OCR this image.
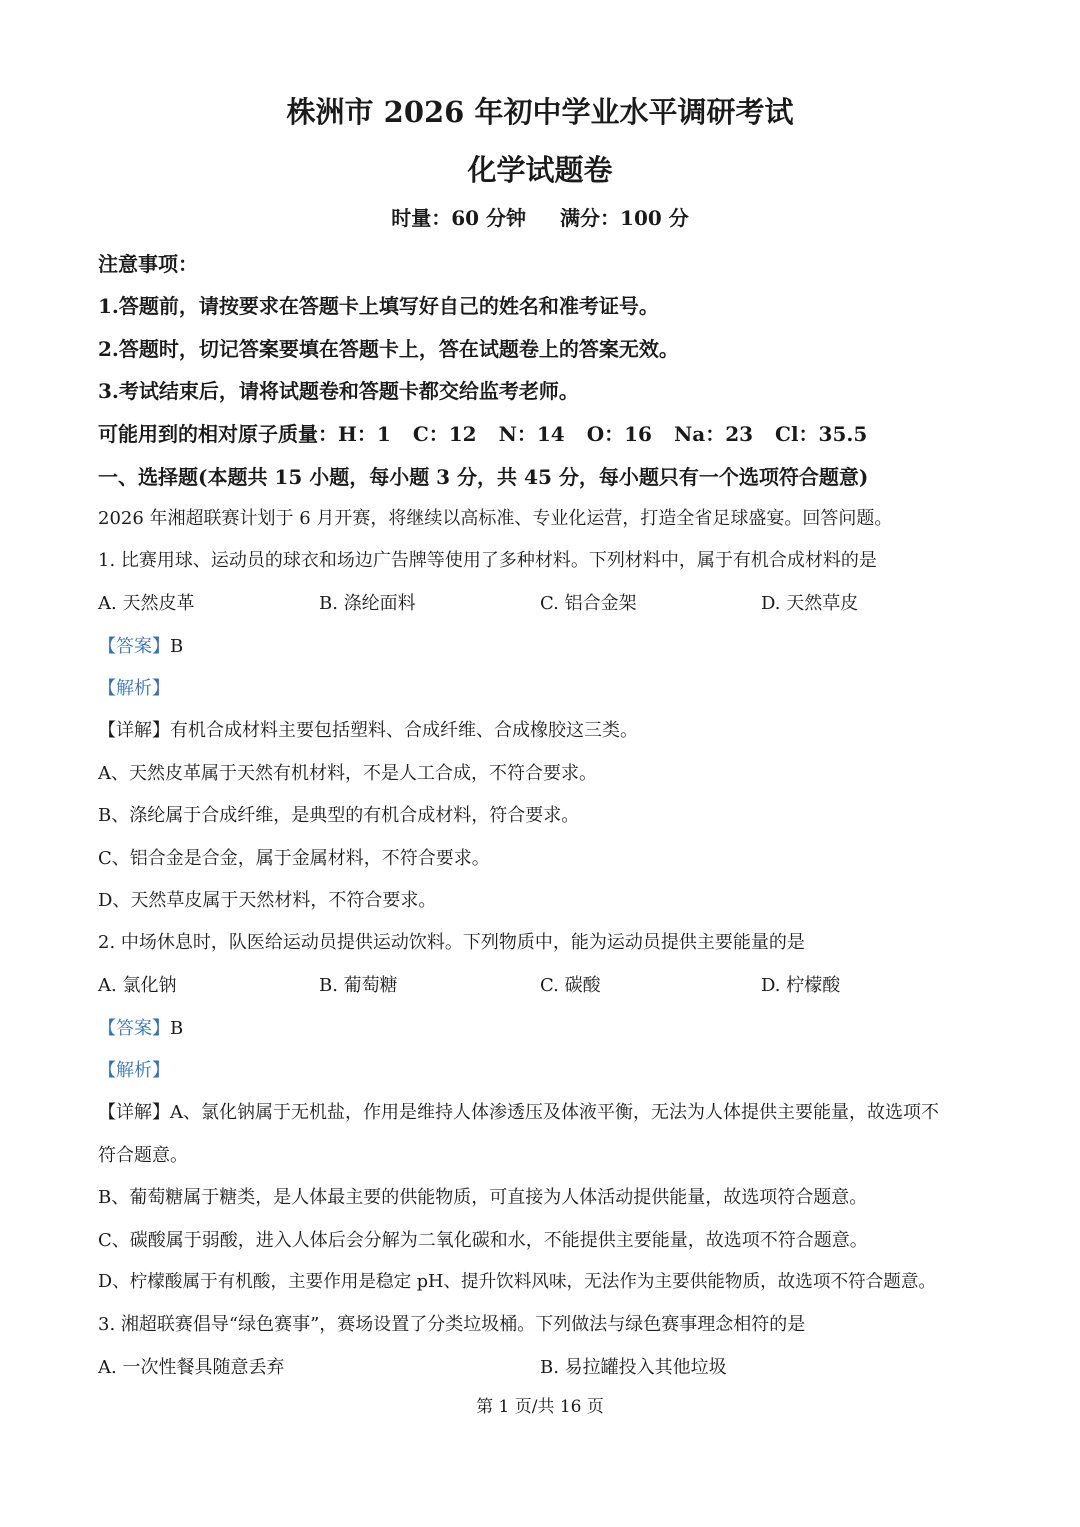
株洲市 2026 年初中学业水平调研考试
化学试题卷
时量：60 分钟 满分：100 分
注意事项：
1.答题前，请按要求在答题卡上填写好自己的姓名和准考证号。
2.答题时，切记答案要填在答题卡上，答在试题卷上的答案无效。
3.考试结束后，请将试题卷和答题卡都交给监考老师。
可能用到的相对原子质量：H：1 C：12 N：14 O：16 Na：23 Cl：35.5
一、选择题(本题共 15 小题，每小题 3 分，共 45 分，每小题只有一个选项符合题意)
2026 年湘超联赛计划于 6 月开赛，将继续以高标准、专业化运营，打造全省足球盛宴。回答问题。
1. 比赛用球、运动员的球衣和场边广告牌等使用了多种材料。下列材料中，属于有机合成材料的是
A. 天然皮革	B. 涤纶面料	C. 铝合金架	D. 天然草皮
【答案】B
【解析】
【详解】有机合成材料主要包括塑料、合成纤维、合成橡胶这三类。
A、天然皮革属于天然有机材料，不是人工合成，不符合要求。
B、涤纶属于合成纤维，是典型的有机合成材料，符合要求。
C、铝合金是合金，属于金属材料，不符合要求。
D、天然草皮属于天然材料，不符合要求。
2. 中场休息时，队医给运动员提供运动饮料。下列物质中，能为运动员提供主要能量的是
A. 氯化钠	B. 葡萄糖	C. 碳酸	D. 柠檬酸
【答案】B
【解析】
【详解】A、氯化钠属于无机盐，作用是维持人体渗透压及体液平衡，无法为人体提供主要能量，故选项不
符合题意。
B、葡萄糖属于糖类，是人体最主要的供能物质，可直接为人体活动提供能量，故选项符合题意。
C、碳酸属于弱酸，进入人体后会分解为二氧化碳和水，不能提供主要能量，故选项不符合题意。
D、柠檬酸属于有机酸，主要作用是稳定 pH、提升饮料风味，无法作为主要供能物质，故选项不符合题意。
3. 湘超联赛倡导“绿色赛事”，赛场设置了分类垃圾桶。下列做法与绿色赛事理念相符的是
A. 一次性餐具随意丢弃	B. 易拉罐投入其他垃圾
第 1 页/共 16 页
